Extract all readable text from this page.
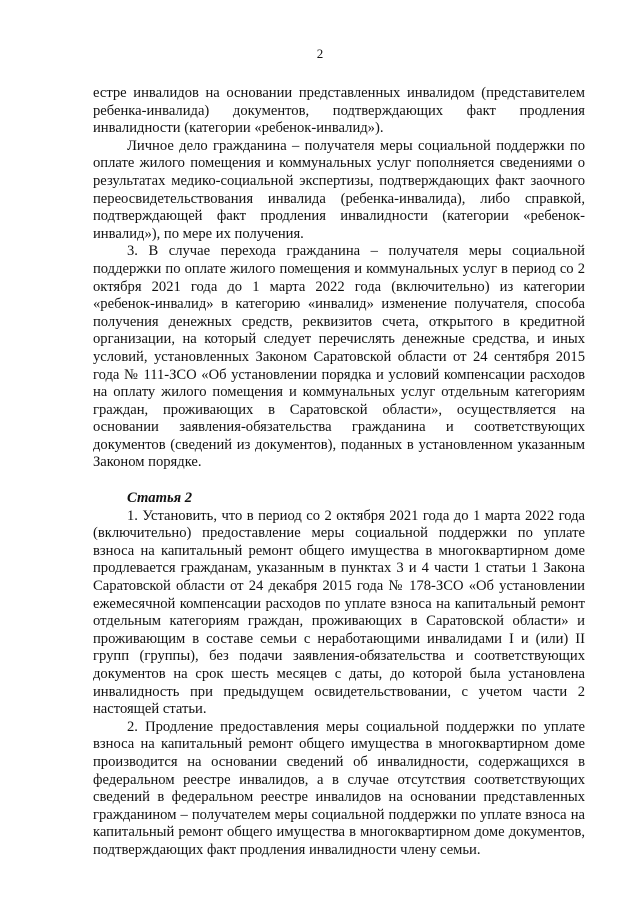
2

естре инвалидов на основании представленных инвалидом (представителем ребенка-инвалида) документов, подтверждающих факт продления инвалидности (категории «ребенок-инвалид»).

Личное дело гражданина – получателя меры социальной поддержки по оплате жилого помещения и коммунальных услуг пополняется сведениями о результатах медико-социальной экспертизы, подтверждающих факт заочного переосвидетельствования инвалида (ребенка-инвалида), либо справкой, подтверждающей факт продления инвалидности (категории «ребенок-инвалид»), по мере их получения.

3. В случае перехода гражданина – получателя меры социальной поддержки по оплате жилого помещения и коммунальных услуг в период со 2 октября 2021 года до 1 марта 2022 года (включительно) из категории «ребенок-инвалид» в категорию «инвалид» изменение получателя, способа получения денежных средств, реквизитов счета, открытого в кредитной организации, на который следует перечислять денежные средства, и иных условий, установленных Законом Саратовской области от 24 сентября 2015 года № 111-ЗСО «Об установлении порядка и условий компенсации расходов на оплату жилого помещения и коммунальных услуг отдельным категориям граждан, проживающих в Саратовской области», осуществляется на основании заявления-обязательства гражданина и соответствующих документов (сведений из документов), поданных в установленном указанным Законом порядке.

Статья 2

1. Установить, что в период со 2 октября 2021 года до 1 марта 2022 года (включительно) предоставление меры социальной поддержки по уплате взноса на капитальный ремонт общего имущества в многоквартирном доме продлевается гражданам, указанным в пунктах 3 и 4 части 1 статьи 1 Закона Саратовской области от 24 декабря 2015 года № 178-ЗСО «Об установлении ежемесячной компенсации расходов по уплате взноса на капитальный ремонт отдельным категориям граждан, проживающих в Саратовской области» и проживающим в составе семьи с неработающими инвалидами I и (или) II групп (группы), без подачи заявления-обязательства и соответствующих документов на срок шесть месяцев с даты, до которой была установлена инвалидность при предыдущем освидетельствовании, с учетом части 2 настоящей статьи.

2. Продление предоставления меры социальной поддержки по уплате взноса на капитальный ремонт общего имущества в многоквартирном доме производится на основании сведений об инвалидности, содержащихся в федеральном реестре инвалидов, а в случае отсутствия соответствующих сведений в федеральном реестре инвалидов на основании представленных гражданином – получателем меры социальной поддержки по уплате взноса на капитальный ремонт общего имущества в многоквартирном доме документов, подтверждающих факт продления инвалидности члену семьи.
